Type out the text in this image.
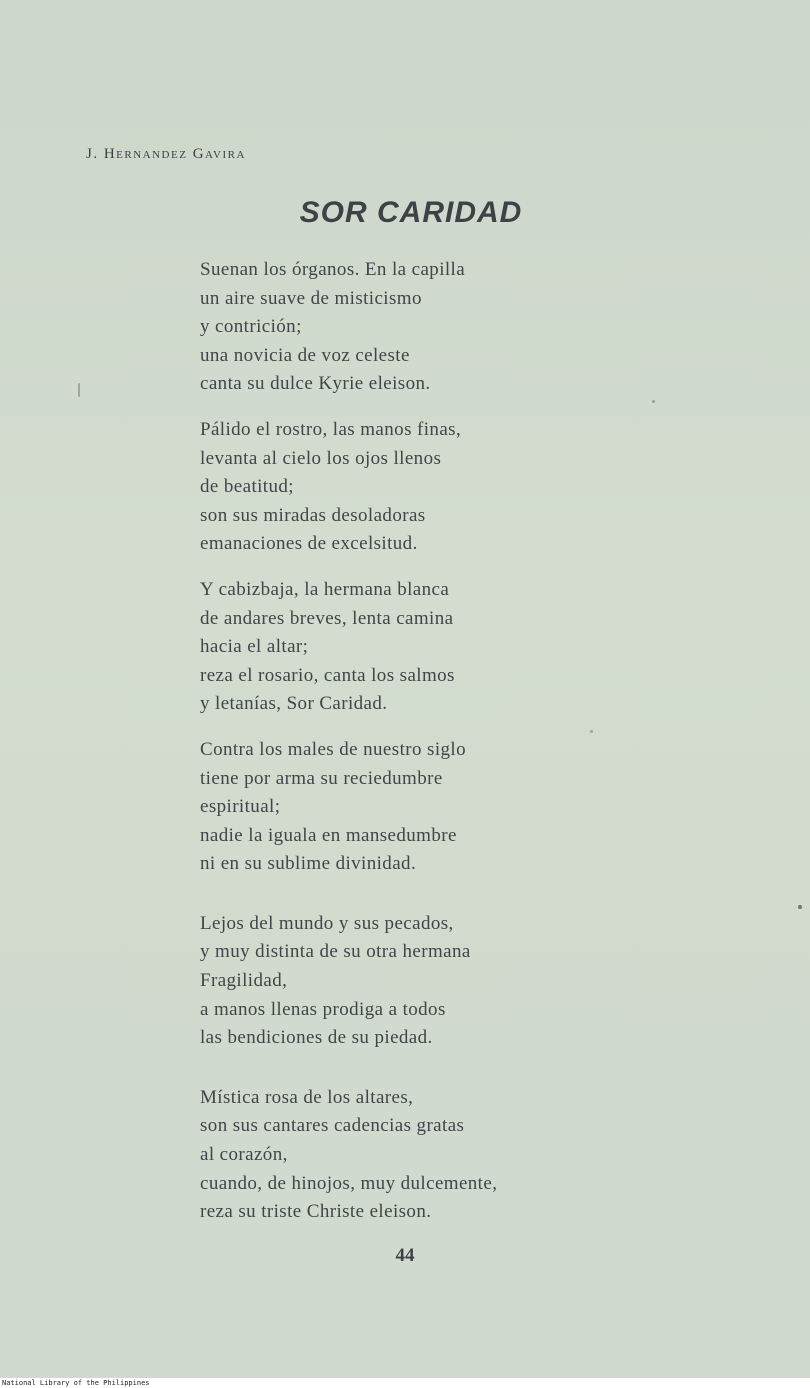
J. Hernandez Gavira
SOR CARIDAD
Suenan los órganos. En la capilla
un aire suave de misticismo
y contrición;
una novicia de voz celeste
canta su dulce Kyrie eleison.
Pálido el rostro, las manos finas,
levanta al cielo los ojos llenos
de beatitud;
son sus miradas desoladoras
emanaciones de excelsitud.
Y cabizbaja, la hermana blanca
de andares breves, lenta camina
hacia el altar;
reza el rosario, canta los salmos
y letanías, Sor Caridad.
Contra los males de nuestro siglo
tiene por arma su reciedumbre
espiritual;
nadie la iguala en mansedumbre
ni en su sublime divinidad.
Lejos del mundo y sus pecados,
y muy distinta de su otra hermana
Fragilidad,
a manos llenas prodiga a todos
las bendiciones de su piedad.
Mística rosa de los altares,
son sus cantares cadencias gratas
al corazón,
cuando, de hinojos, muy dulcemente,
reza su triste Christe eleison.
44
National Library of the Philippines
